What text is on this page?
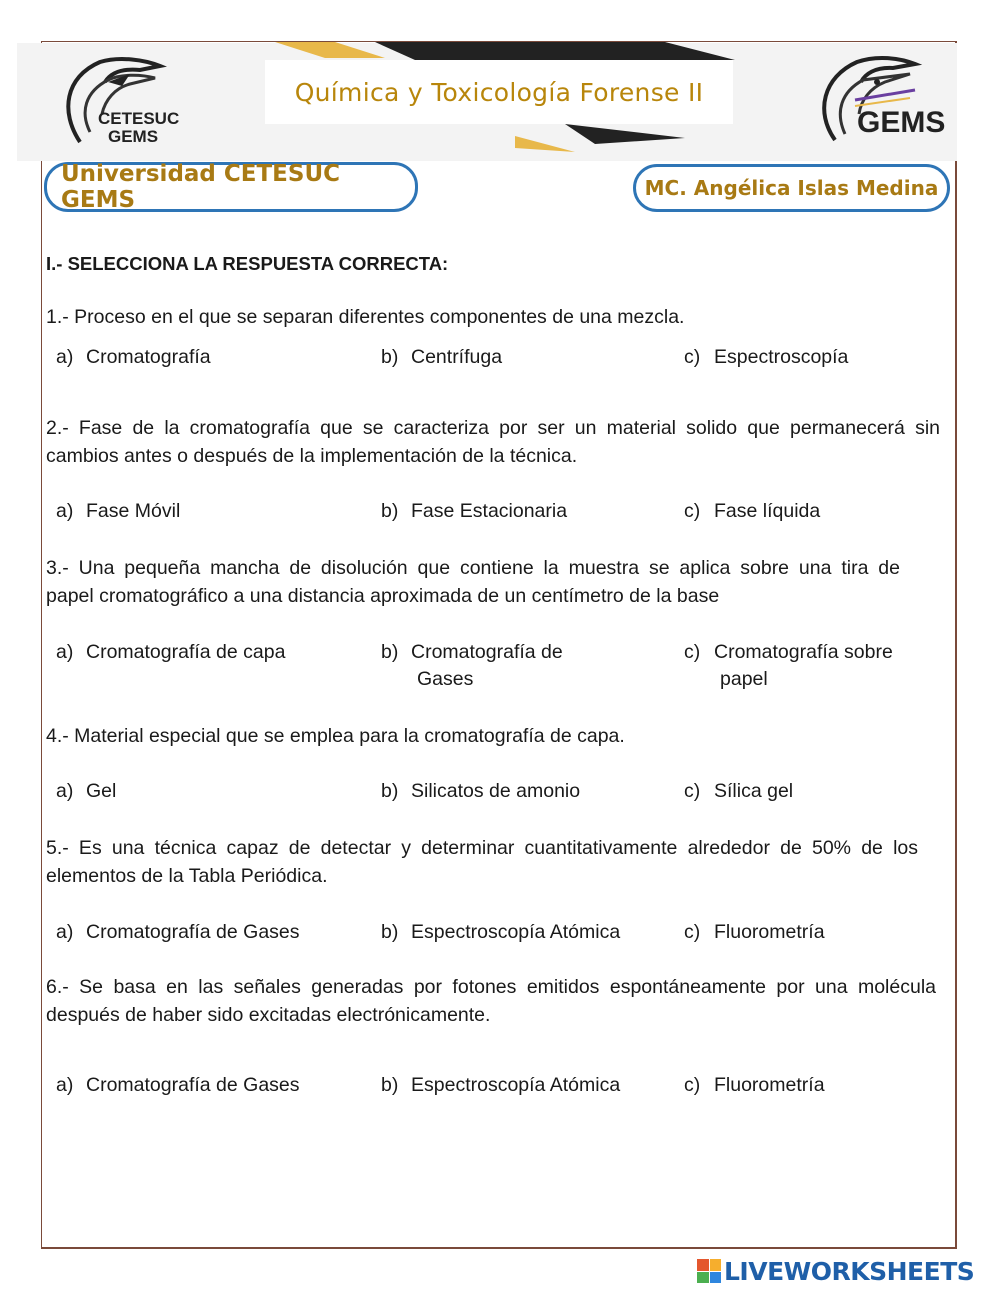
CETESUC
GEMS
Química y Toxicología Forense II
GEMS
Universidad CETESUC GEMS	MC. Angélica Islas Medina
I.- SELECCIONA LA RESPUESTA CORRECTA:
1.- Proceso en el que se separan diferentes componentes de una mezcla.
a) Cromatografía	b) Centrífuga	c) Espectroscopía
2.- Fase de la cromatografía que se caracteriza por ser un material solido que permanecerá sin
cambios antes o después de la implementación de la técnica.
a) Fase Móvil	b) Fase Estacionaria	c) Fase líquida
3.- Una pequeña mancha de disolución que contiene la muestra se aplica sobre una tira de
papel cromatográfico a una distancia aproximada de un centímetro de la base
a) Cromatografía de capa	b) Cromatografía de
Gases
c) Cromatografía sobre
papel
4.- Material especial que se emplea para la cromatografía de capa.
a) Gel	b) Silicatos de amonio	c) Sílica gel
5.- Es una técnica capaz de detectar y determinar cuantitativamente alrededor de 50% de los
elementos de la Tabla Periódica.
a) Cromatografía de Gases	b) Espectroscopía Atómica	c) Fluorometría
6.- Se basa en las señales generadas por fotones emitidos espontáneamente por una molécula
después de haber sido excitadas electrónicamente.
a) Cromatografía de Gases	b) Espectroscopía Atómica	c) Fluorometría
LIVEWORKSHEETS
